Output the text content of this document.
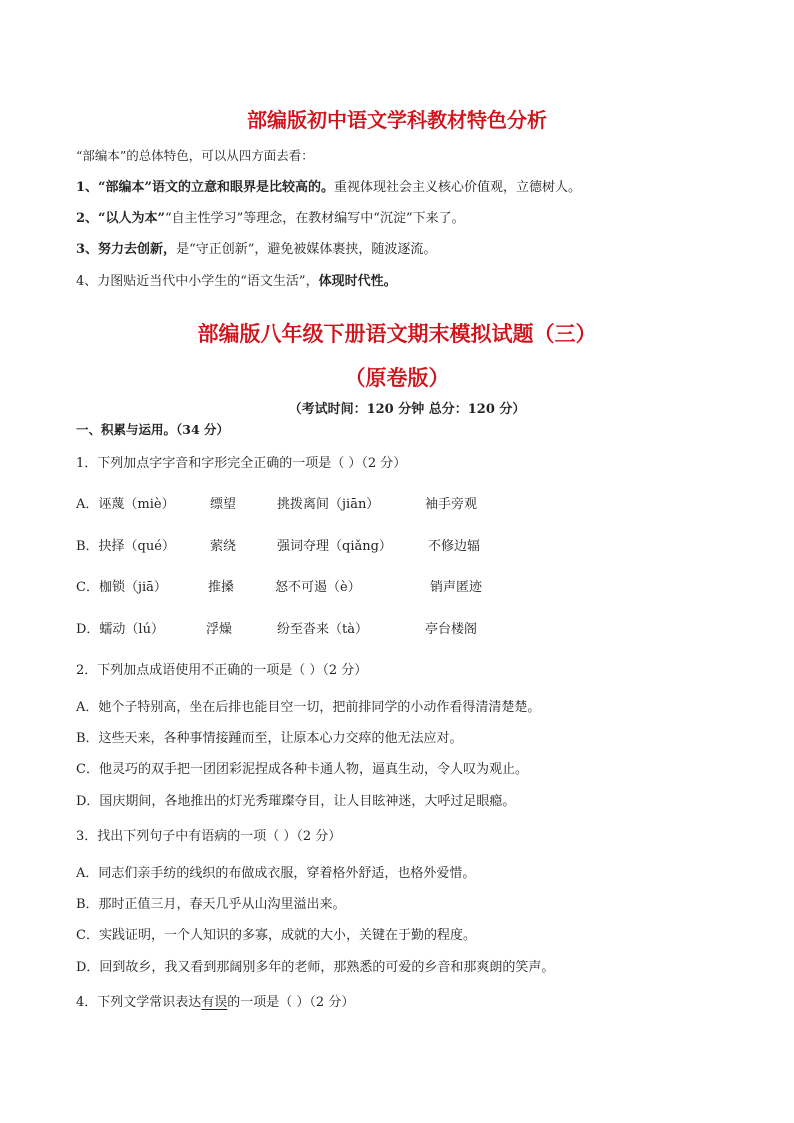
部编版初中语文学科教材特色分析
“部编本”的总体特色，可以从四方面去看：
1、“部编本”语文的立意和眼界是比较高的。重视体现社会主义核心价值观，立德树人。
2、“以人为本”“自主性学习”等理念，在教材编写中“沉淀”下来了。
3、努力去创新，是“守正创新”，避免被媒体裹挟，随波逐流。
4、力图贴近当代中小学生的“语文生活”，体现时代性。
部编版八年级下册语文期末模拟试题（三）
（原卷版）
（考试时间：120 分钟 总分：120 分）
一、积累与运用。（34 分）
1．下列加点字字音和字形完全正确的一项是（ ）（2 分）
A．诬蔑（miè）	缥望	挑拨离间（jiān）	袖手旁观
B．抉择（qué）	萦绕	强词夺理（qiǎng）	不修边辐
C．枷锁（jiā）	推搡	怒不可遏（è）	销声匿迹
D．蠕动（lú）	浮燥	纷至沓来（tà）	亭台楼阁
2．下列加点成语使用不正确的一项是（ ）（2 分）
A．她个子特别高，坐在后排也能目空一切，把前排同学的小动作看得清清楚楚。
B．这些天来，各种事情接踵而至，让原本心力交瘁的他无法应对。
C．他灵巧的双手把一团团彩泥捏成各种卡通人物，逼真生动，令人叹为观止。
D．国庆期间，各地推出的灯光秀璀璨夺目，让人目眩神迷，大呼过足眼瘾。
3．找出下列句子中有语病的一项（ ）（2 分）
A．同志们亲手纺的线织的布做成衣服，穿着格外舒适，也格外爱惜。
B．那时正值三月，春天几乎从山沟里溢出来。
C．实践证明，一个人知识的多寡，成就的大小，关键在于勤的程度。
D．回到故乡，我又看到那阔别多年的老师，那熟悉的可爱的乡音和那爽朗的笑声。
4．下列文学常识表达有误的一项是（ ）（2 分）
